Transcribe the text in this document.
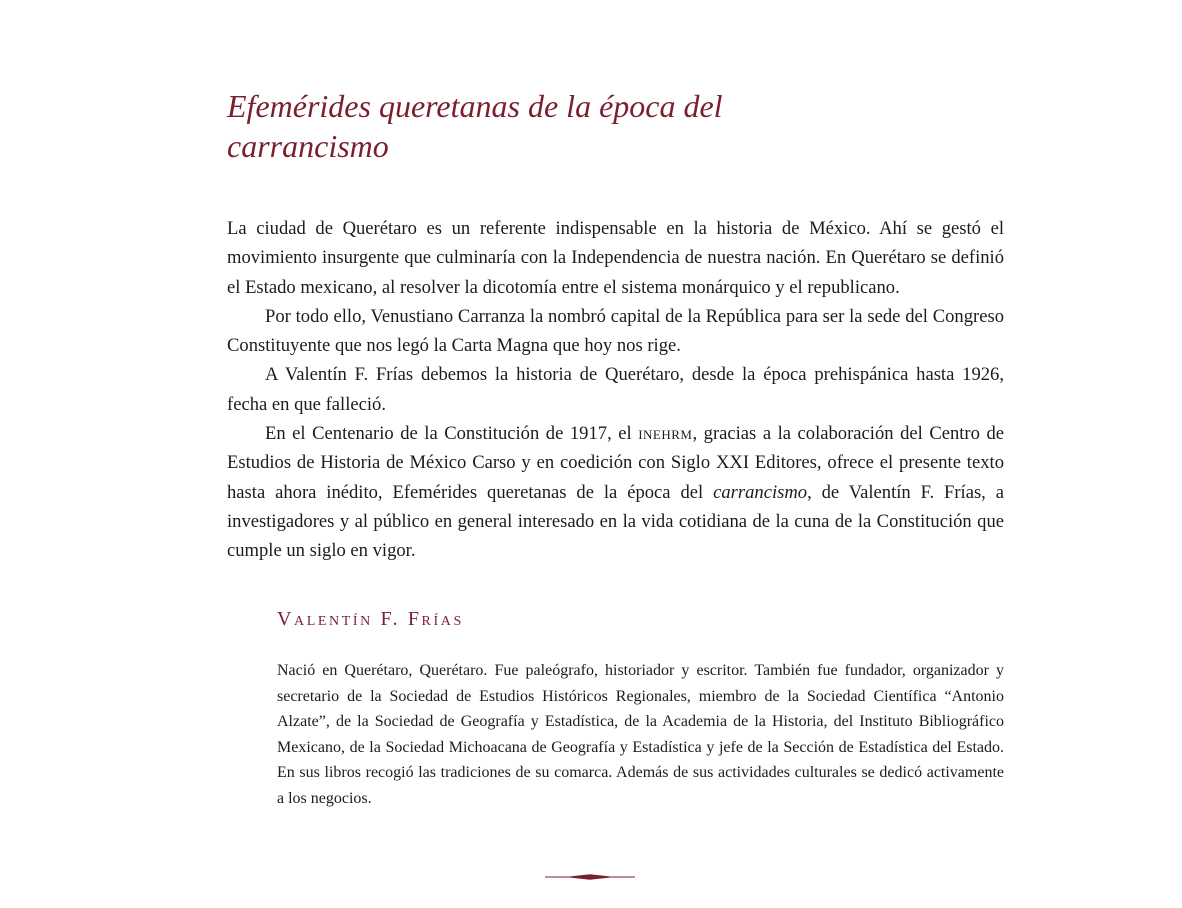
Efemérides queretanas de la época del
carrancismo

La ciudad de Querétaro es un referente indispensable en la historia de México. Ahí se gestó el movimiento insurgente que culminaría con la Independencia de nuestra nación. En Querétaro se definió el Estado mexicano, al resolver la dicotomía entre el sistema monárquico y el republicano.

Por todo ello, Venustiano Carranza la nombró capital de la República para ser la sede del Congreso Constituyente que nos legó la Carta Magna que hoy nos rige.

A Valentín F. Frías debemos la historia de Querétaro, desde la época prehispánica hasta 1926, fecha en que falleció.

En el Centenario de la Constitución de 1917, el inehrm, gracias a la colaboración del Centro de Estudios de Historia de México Carso y en coedición con Siglo XXI Editores, ofrece el presente texto hasta ahora inédito, Efemérides queretanas de la época del carrancismo, de Valentín F. Frías, a investigadores y al público en general interesado en la vida cotidiana de la cuna de la Constitución que cumple un siglo en vigor.

Valentín F. Frías

Nació en Querétaro, Querétaro. Fue paleógrafo, historiador y escritor. También fue fundador, organizador y secretario de la Sociedad de Estudios Históricos Regionales, miembro de la Sociedad Científica “Antonio Alzate”, de la Sociedad de Geografía y Estadística, de la Academia de la Historia, del Instituto Bibliográfico Mexicano, de la Sociedad Michoacana de Geografía y Estadística y jefe de la Sección de Estadística del Estado. En sus libros recogió las tradiciones de su comarca. Además de sus actividades culturales se dedicó activamente a los negocios.
